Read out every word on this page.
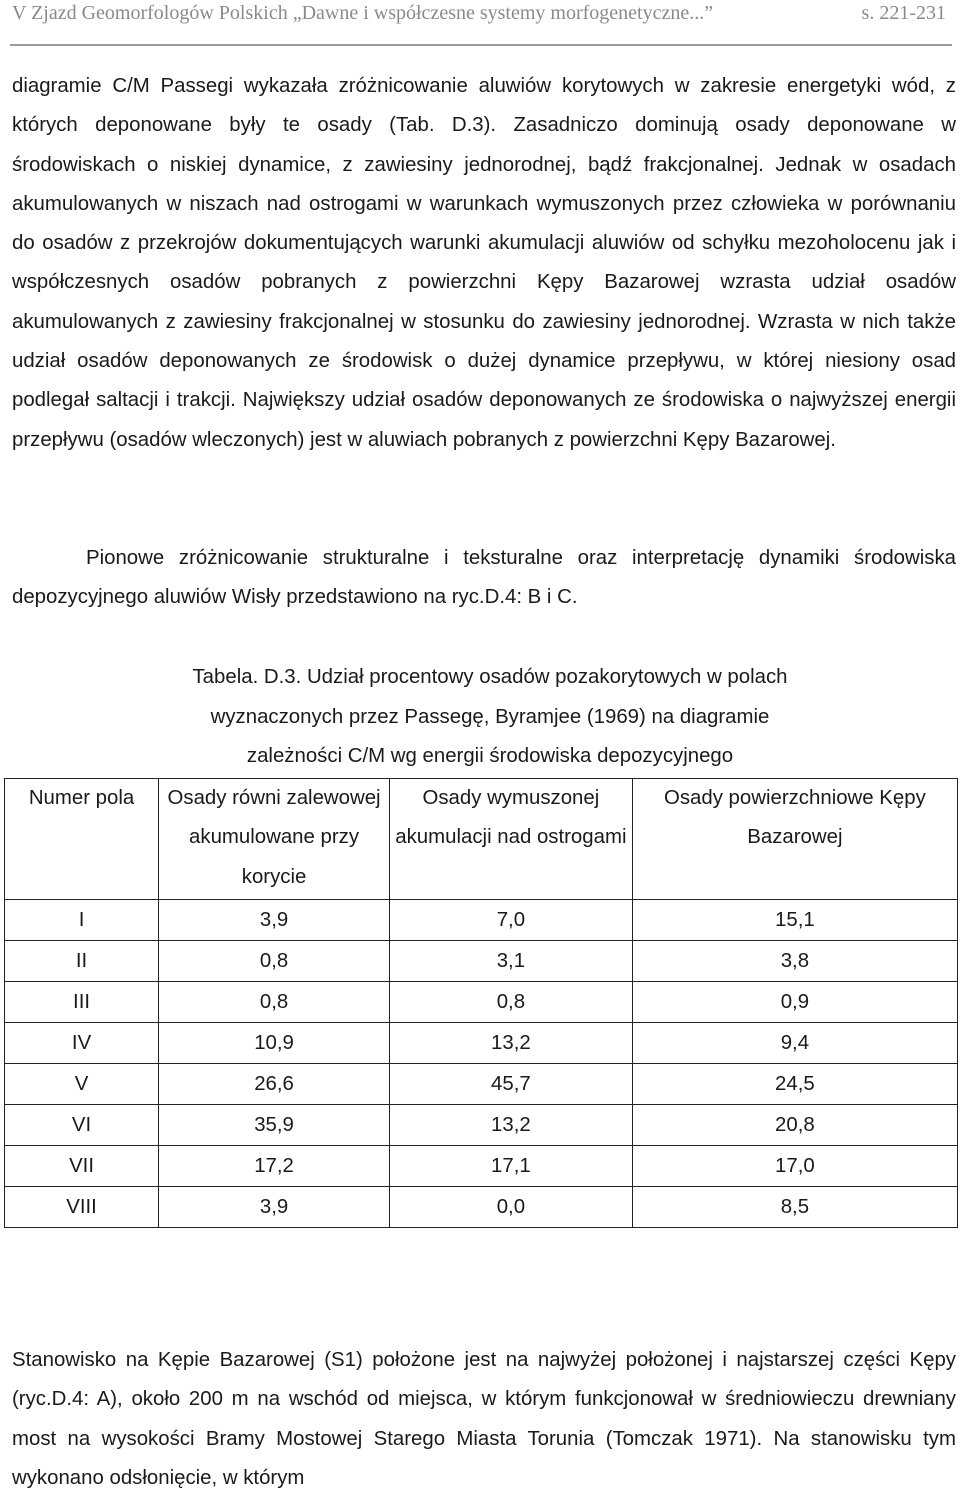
V Zjazd Geomorfologów Polskich „Dawne i współczesne systemy morfogenetyczne...”	s. 221-231

diagramie C/M Passegi wykazała zróżnicowanie aluwiów korytowych w zakresie energetyki wód, z których deponowane były te osady (Tab. D.3). Zasadniczo dominują osady deponowane w środowiskach o niskiej dynamice, z zawiesiny jednorodnej, bądź frakcjonalnej. Jednak w osadach akumulowanych w niszach nad ostrogami w warunkach wymuszonych przez człowieka w porównaniu do osadów z przekrojów dokumentujących warunki akumulacji aluwiów od schyłku mezoholocenu jak i współczesnych osadów pobranych z powierzchni Kępy Bazarowej wzrasta udział osadów akumulowanych z zawiesiny frakcjonalnej w stosunku do zawiesiny jednorodnej. Wzrasta w nich także udział osadów deponowanych ze środowisk o dużej dynamice przepływu, w której niesiony osad podlegał saltacji i trakcji. Największy udział osadów deponowanych ze środowiska o najwyższej energii przepływu (osadów wleczonych) jest w aluwiach pobranych z powierzchni Kępy Bazarowej.

Pionowe zróżnicowanie strukturalne i teksturalne oraz interpretację dynamiki środowiska depozycyjnego aluwiów Wisły przedstawiono na ryc.D.4: B i C.

Tabela. D.3. Udział procentowy osadów pozakorytowych w polach
wyznaczonych przez Passegę, Byramjee (1969) na diagramie
zależności C/M wg energii środowiska depozycyjnego
Numer pola	Osady równi zalewowej akumulowane przy korycie	Osady wymuszonej akumulacji nad ostrogami	Osady powierzchniowe Kępy Bazarowej
I	3,9	7,0	15,1
II	0,8	3,1	3,8
III	0,8	0,8	0,9
IV	10,9	13,2	9,4
V	26,6	45,7	24,5
VI	35,9	13,2	20,8
VII	17,2	17,1	17,0
VIII	3,9	0,0	8,5

Stanowisko na Kępie Bazarowej (S1) położone jest na najwyżej położonej i najstarszej części Kępy (ryc.D.4: A), około 200 m na wschód od miejsca, w którym funkcjonował w średniowieczu drewniany most na wysokości Bramy Mostowej Starego Miasta Torunia (Tomczak 1971). Na stanowisku tym wykonano odsłonięcie, w którym
